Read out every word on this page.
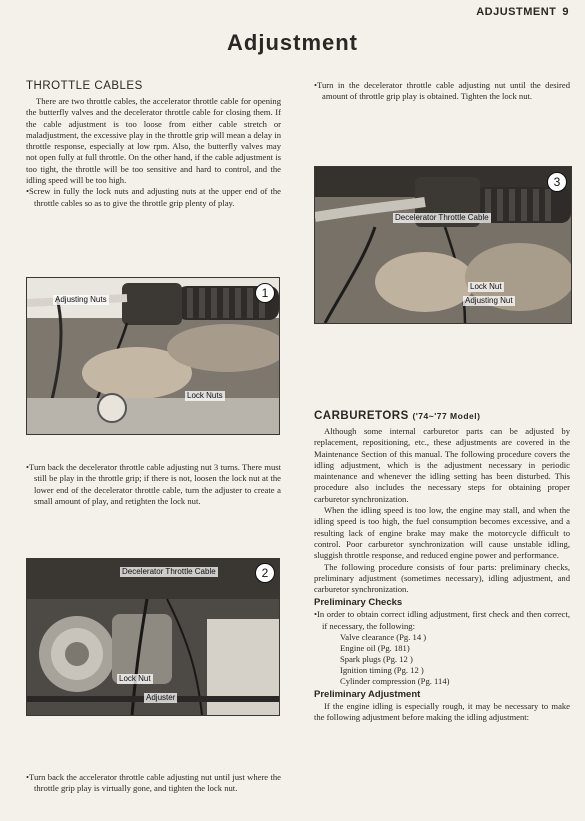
ADJUSTMENT 9
Adjustment
THROTTLE CABLES

There are two throttle cables, the accelerator throttle cable for opening the butterfly valves and the decelerator throttle cable for closing them. If the cable adjustment is too loose from either cable stretch or maladjustment, the excessive play in the throttle grip will mean a delay in throttle response, especially at low rpm. Also, the butterfly valves may not open fully at full throttle. On the other hand, if the cable adjustment is too tight, the throttle will be too sensitive and hard to control, and the idling speed will be too high.

•Screw in fully the lock nuts and adjusting nuts at the upper end of the throttle cables so as to give the throttle grip plenty of play.

Adjusting Nuts
Lock Nuts
1

•Turn back the decelerator throttle cable adjusting nut 3 turns. There must still be play in the throttle grip; if there is not, loosen the lock nut at the lower end of the decelerator throttle cable, turn the adjuster to create a small amount of play, and retighten the lock nut.

Decelerator Throttle Cable
Lock Nut
Adjuster
2

•Turn back the accelerator throttle cable adjusting nut until just where the throttle grip play is virtually gone, and tighten the lock nut.

•Turn in the decelerator throttle cable adjusting nut until the desired amount of throttle grip play is obtained. Tighten the lock nut.

Decelerator Throttle Cable
Lock Nut
Adjusting Nut
3
CARBURETORS ('74~'77 Model)

Although some internal carburetor parts can be adjusted by replacement, repositioning, etc., these adjustments are covered in the Maintenance Section of this manual. The following procedure covers the idling adjustment, which is the adjustment necessary in periodic maintenance and whenever the idling setting has been disturbed. This procedure also includes the necessary steps for obtaining proper carburetor synchronization.

When the idling speed is too low, the engine may stall, and when the idling speed is too high, the fuel consumption becomes excessive, and a resulting lack of engine brake may make the motorcycle difficult to control. Poor carburetor synchronization will cause unstable idling, sluggish throttle response, and reduced engine power and performance.

The following procedure consists of four parts: preliminary checks, preliminary adjustment (sometimes necessary), idling adjustment, and carburetor synchronization.

Preliminary Checks

•In order to obtain correct idling adjustment, first check and then correct, if necessary, the following:

Valve clearance (Pg. 14 )
Engine oil (Pg. 181)
Spark plugs (Pg. 12 )
Ignition timing (Pg. 12 )
Cylinder compression (Pg. 114)
Preliminary Adjustment

If the engine idling is especially rough, it may be necessary to make the following adjustment before making the idling adjustment:
